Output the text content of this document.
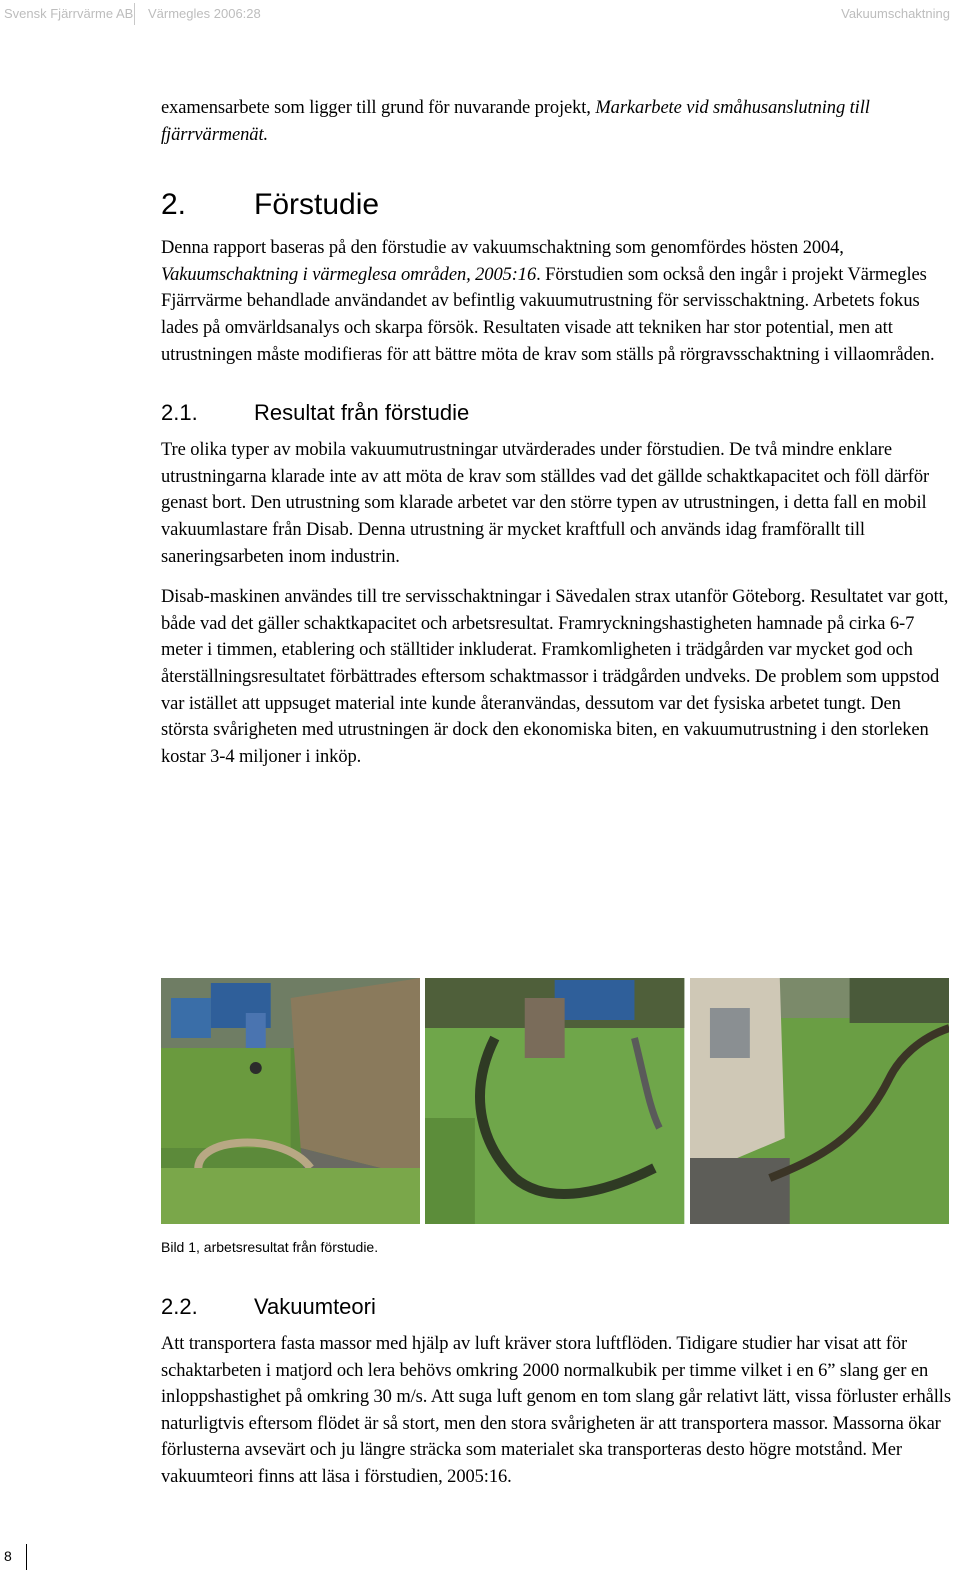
Svensk Fjärrvärme AB Värmegles 2006:28	Vakuumschaktning

examensarbete som ligger till grund för nuvarande projekt, Markarbete vid småhusanslutning till fjärrvärmenät.

2.	Förstudie

Denna rapport baseras på den förstudie av vakuumschaktning som genomfördes hösten 2004, Vakuumschaktning i värmeglesa områden, 2005:16. Förstudien som också den ingår i projekt Värmegles Fjärrvärme behandlade användandet av befintlig vakuumutrustning för servisschaktning. Arbetets fokus lades på omvärldsanalys och skarpa försök. Resultaten visade att tekniken har stor potential, men att utrustningen måste modifieras för att bättre möta de krav som ställs på rörgravsschaktning i villaområden.

2.1.	Resultat från förstudie

Tre olika typer av mobila vakuumutrustningar utvärderades under förstudien. De två mindre enklare utrustningarna klarade inte av att möta de krav som ställdes vad det gällde schaktkapacitet och föll därför genast bort. Den utrustning som klarade arbetet var den större typen av utrustningen, i detta fall en mobil vakuumlastare från Disab. Denna utrustning är mycket kraftfull och används idag framförallt till saneringsarbeten inom industrin.

Disab-maskinen användes till tre servisschaktningar i Sävedalen strax utanför Göteborg. Resultatet var gott, både vad det gäller schaktkapacitet och arbetsresultat. Framryckningshastigheten hamnade på cirka 6-7 meter i timmen, etablering och ställtider inkluderat. Framkomligheten i trädgården var mycket god och återställningsresultatet förbättrades eftersom schaktmassor i trädgården undveks. De problem som uppstod var istället att uppsuget material inte kunde återanvändas, dessutom var det fysiska arbetet tungt. Den största svårigheten med utrustningen är dock den ekonomiska biten, en vakuumutrustning i den storleken kostar 3-4 miljoner i inköp.

Bild 1, arbetsresultat från förstudie.
2.2.	Vakuumteori

Att transportera fasta massor med hjälp av luft kräver stora luftflöden. Tidigare studier har visat att för schaktarbeten i matjord och lera behövs omkring 2000 normalkubik per timme vilket i en 6” slang ger en inloppshastighet på omkring 30 m/s. Att suga luft genom en tom slang går relativt lätt, vissa förluster erhålls naturligtvis eftersom flödet är så stort, men den stora svårigheten är att transportera massor. Massorna ökar förlusterna avsevärt och ju längre sträcka som materialet ska transporteras desto högre motstånd. Mer vakuumteori finns att läsa i förstudien, 2005:16.

8
